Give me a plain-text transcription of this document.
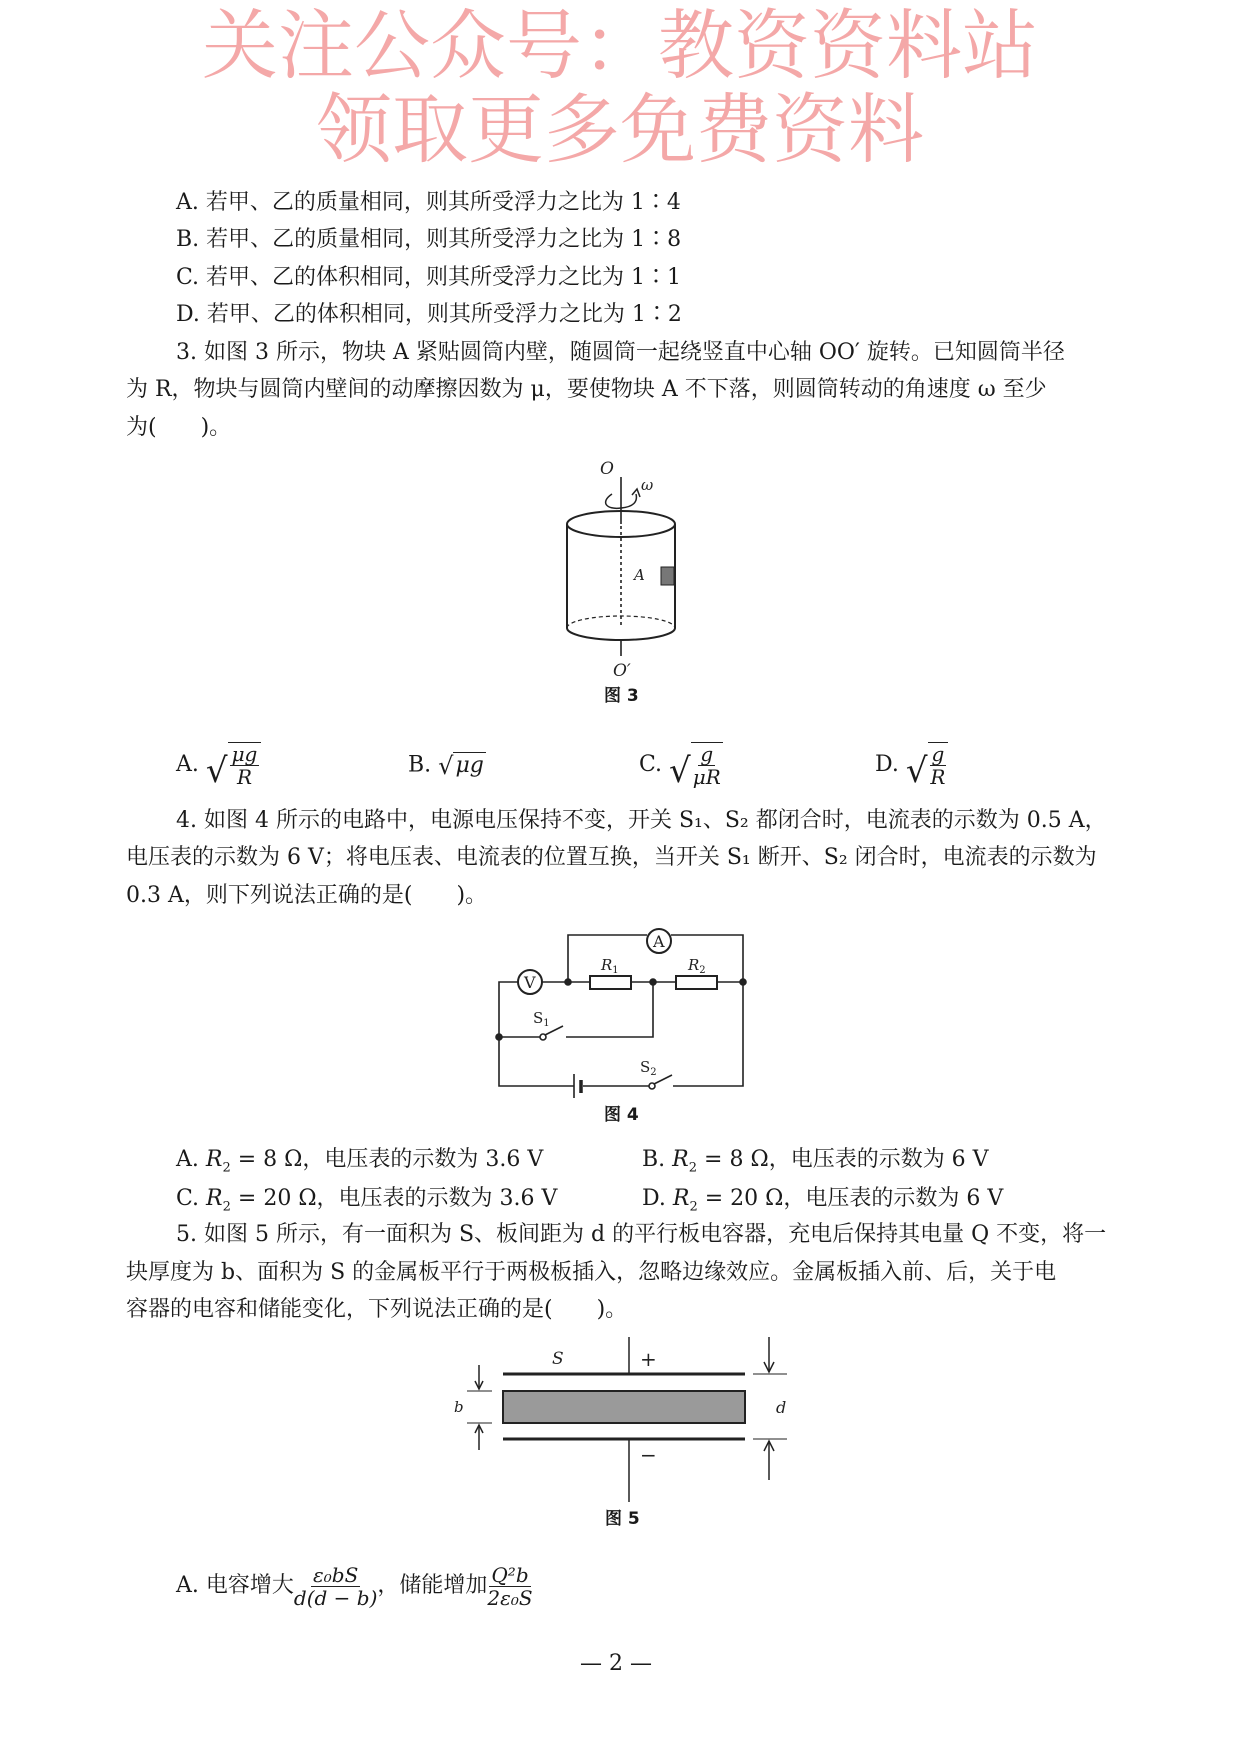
关注公众号：教资资料站
领取更多免费资料
A. 若甲、乙的质量相同，则其所受浮力之比为 1∶4
B. 若甲、乙的质量相同，则其所受浮力之比为 1∶8
C. 若甲、乙的体积相同，则其所受浮力之比为 1∶1
D. 若甲、乙的体积相同，则其所受浮力之比为 1∶2
3. 如图 3 所示，物块 A 紧贴圆筒内壁，随圆筒一起绕竖直中心轴 OO′ 旋转。已知圆筒半径
为 R，物块与圆筒内壁间的动摩擦因数为 μ，要使物块 A 不下落，则圆筒转动的角速度 ω 至少
为(　　)。
图 3
A. √ $\frac{\mu g}{R}$	B. √ μg	C. √ $\frac{g}{\mu R}$	D. √ $\frac{g}{R}$
4. 如图 4 所示的电路中，电源电压保持不变，开关 S₁、S₂ 都闭合时，电流表的示数为 0.5 A，
电压表的示数为 6 V；将电压表、电流表的位置互换，当开关 S₁ 断开、S₂ 闭合时，电流表的示数为
0.3 A，则下列说法正确的是(　　)。
图 4
A. $R_2 = 8$ Ω，电压表的示数为 3.6 V	B. $R_2 = 8$ Ω，电压表的示数为 6 V
C. $R_2 = 20$ Ω，电压表的示数为 3.6 V	D. $R_2 = 20$ Ω，电压表的示数为 6 V
5. 如图 5 所示，有一面积为 S、板间距为 d 的平行板电容器，充电后保持其电量 Q 不变，将一
块厚度为 b、面积为 S 的金属板平行于两极板插入，忽略边缘效应。金属板插入前、后，关于电
容器的电容和储能变化，下列说法正确的是(　　)。
图 5
A. 电容增大 $\frac{\text{ε₀bS}}{d(d - b)}$ ，储能增加 $\frac{\text{Q²b}}{\text{2ε₀S}}$
— 2 —
O
ω
A
O′
V
A
$R_1$	$R_2$
$S_1$
$S_2$
S	+
−
b	d
